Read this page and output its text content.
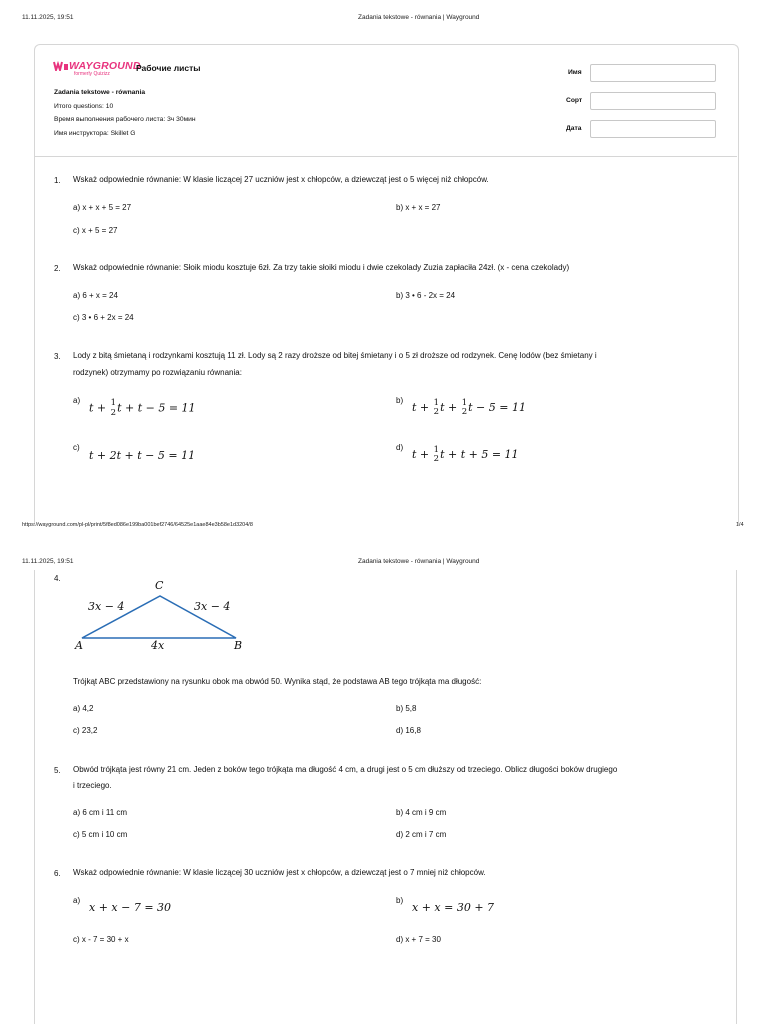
11.11.2025, 19:51	Zadania tekstowe - równania | Wayground
WAYGROUND
formerly Quizizz
Рабочие листы
Zadania tekstowe - równania
Итого questions: 10
Время выполнения рабочего листа: 3ч 30мин
Имя инструктора: Skillet G
Имя
Сорт
Дата
1. Wskaż odpowiednie równanie: W klasie liczącej 27 uczniów jest x chłopców, a dziewcząt jest o 5 więcej niż chłopców.
a) x + x + 5 = 27	b) x + x = 27
c) x + 5 = 27
2. Wskaż odpowiednie równanie: Słoik miodu kosztuje 6zł. Za trzy takie słoiki miodu i dwie czekolady Zuzia zapłaciła 24zł. (x - cena czekolady)
a) 6 + x = 24	b) 3 • 6 - 2x = 24
c) 3 • 6 + 2x = 24
3. Lody z bitą śmietaną i rodzynkami kosztują 11 zł. Lody są 2 razy droższe od bitej śmietany i o 5 zł droższe od rodzynek. Cenę lodów (bez śmietany i
rodzynek) otrzymamy po rozwiązaniu równania:
a)
t + 1
2 t + t − 5 = 11
b)
t + 1
2 t + 1
2 t − 5 = 11
c)
t + 2t + t − 5 = 11
d)
t + 1
2 t + t + 5 = 11
https://wayground.com/pl-pl/print/5f8ed086e199ba001bef2746/64525e1aae84e3b58e1d3204/8	1/4
11.11.2025, 19:51	Zadania tekstowe - równania | Wayground
4.
C
A	B
3x − 4	3x − 4
4x
Trójkąt ABC przedstawiony na rysunku obok ma obwód 50. Wynika stąd, że podstawa AB tego trójkąta ma długość:
a) 4,2	b) 5,8
c) 23,2	d) 16,8
5. Obwód trójkąta jest równy 21 cm. Jeden z boków tego trójkąta ma długość 4 cm, a drugi jest o 5 cm dłuższy od trzeciego. Oblicz długości boków drugiego
i trzeciego.
a) 6 cm i 11 cm	b) 4 cm i 9 cm
c) 5 cm i 10 cm	d) 2 cm i 7 cm
6. Wskaż odpowiednie równanie: W klasie liczącej 30 uczniów jest x chłopców, a dziewcząt jest o 7 mniej niż chłopców.
a)
x + x − 7 = 30
b)
x + x = 30 + 7
c) x - 7 = 30 + x	d) x + 7 = 30
